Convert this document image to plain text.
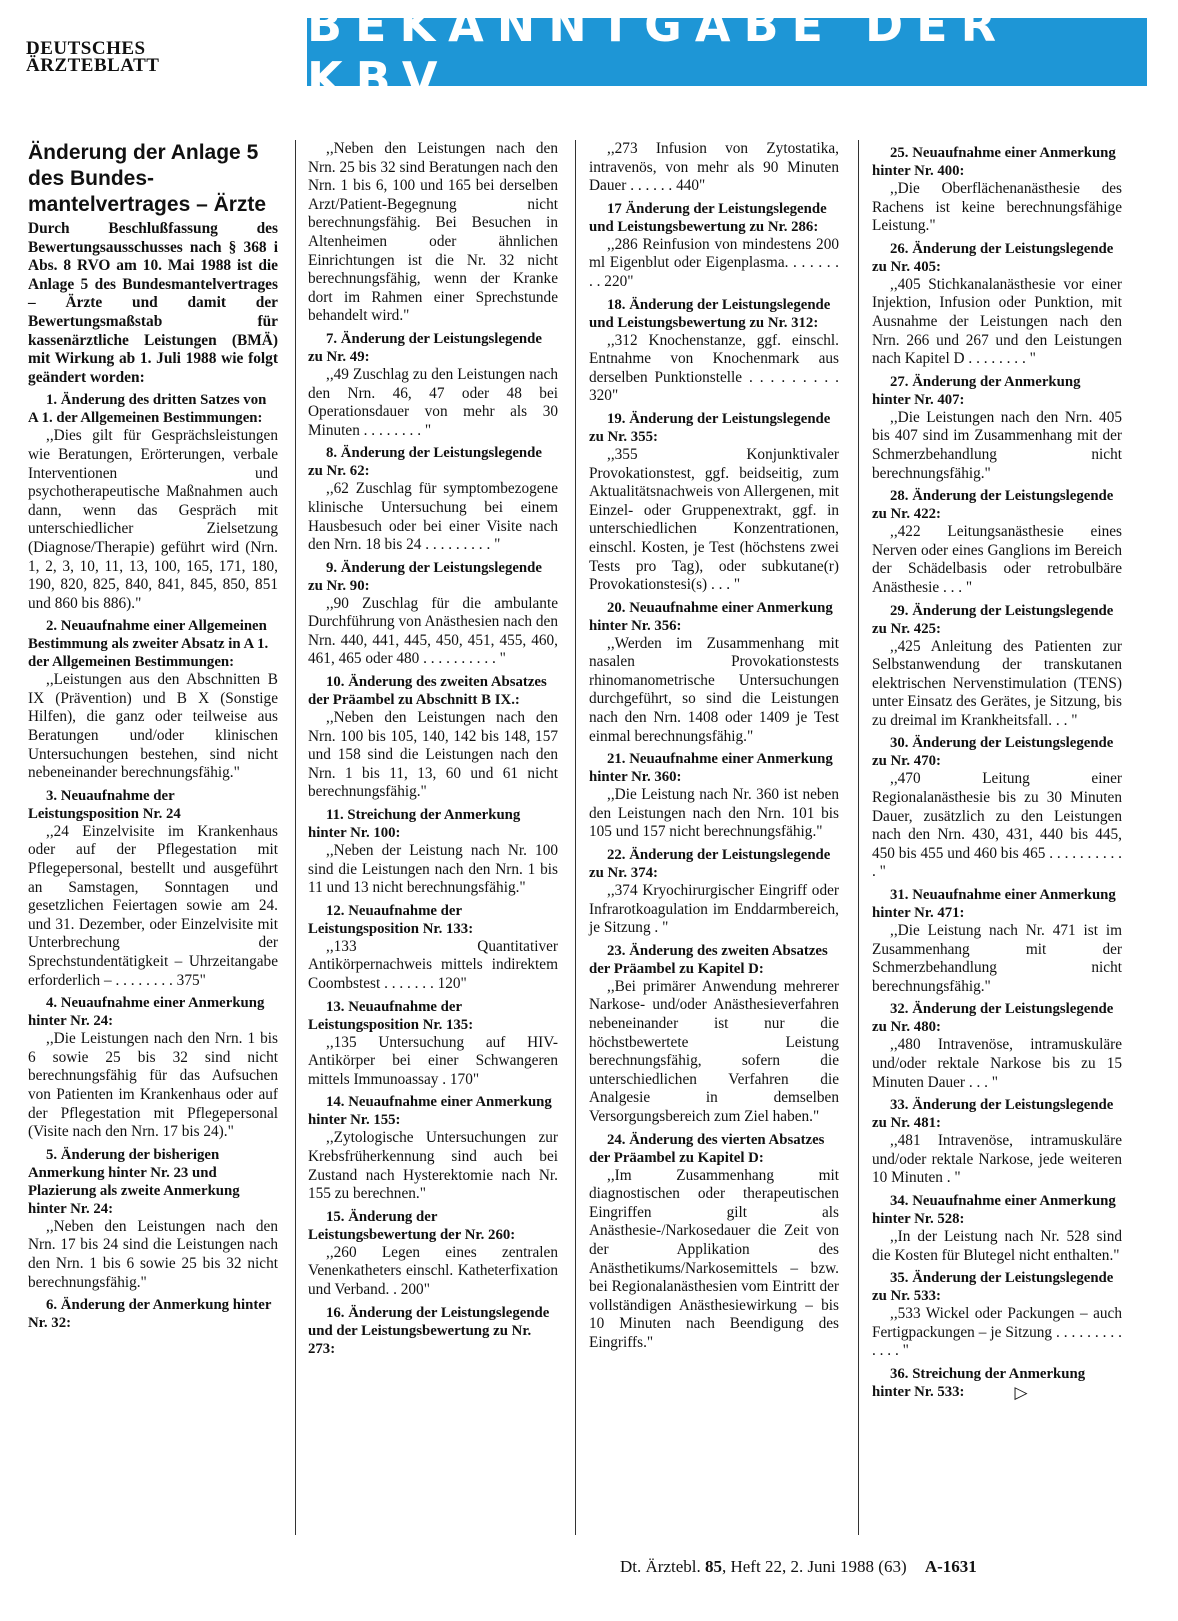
DEUTSCHES
ÄRZTEBLATT
BEKANNTGABE DER KBV
Änderung der Anlage 5 des Bundes-mantelvertrages – Ärzte

Durch Beschlußfassung des Bewertungsausschusses nach § 368 i Abs. 8 RVO am 10. Mai 1988 ist die Anlage 5 des Bundesmantelvertrages – Ärzte und damit der Bewertungsmaßstab für kassenärztliche Leistungen (BMÄ) mit Wirkung ab 1. Juli 1988 wie folgt geändert worden:

1. Änderung des dritten Satzes von A 1. der Allgemeinen Bestimmungen:
,,Dies gilt für Gesprächsleistungen wie Beratungen, Erörterungen, verbale Interventionen und psychotherapeutische Maßnahmen auch dann, wenn das Gespräch mit unterschiedlicher Zielsetzung (Diagnose/Therapie) geführt wird (Nrn. 1, 2, 3, 10, 11, 13, 100, 165, 171, 180, 190, 820, 825, 840, 841, 845, 850, 851 und 860 bis 886)."
2. Neuaufnahme einer Allgemeinen Bestimmung als zweiter Absatz in A 1. der Allgemeinen Bestimmungen:
,,Leistungen aus den Abschnitten B IX (Prävention) und B X (Sonstige Hilfen), die ganz oder teilweise aus Beratungen und/oder klinischen Untersuchungen bestehen, sind nicht nebeneinander berechnungsfähig."
3. Neuaufnahme der Leistungsposition Nr. 24
,,24 Einzelvisite im Krankenhaus oder auf der Pflegestation mit Pflegepersonal, bestellt und ausgeführt an Samstagen, Sonntagen und gesetzlichen Feiertagen sowie am 24. und 31. Dezember, oder Einzelvisite mit Unterbrechung der Sprechstundentätigkeit – Uhrzeitangabe erforderlich – . . . . . . . . 375"
4. Neuaufnahme einer Anmerkung hinter Nr. 24:
,,Die Leistungen nach den Nrn. 1 bis 6 sowie 25 bis 32 sind nicht berechnungsfähig für das Aufsuchen von Patienten im Krankenhaus oder auf der Pflegestation mit Pflegepersonal (Visite nach den Nrn. 17 bis 24)."
5. Änderung der bisherigen Anmerkung hinter Nr. 23 und Plazierung als zweite Anmerkung hinter Nr. 24:
,,Neben den Leistungen nach den Nrn. 17 bis 24 sind die Leistungen nach den Nrn. 1 bis 6 sowie 25 bis 32 nicht berechnungsfähig."
6. Änderung der Anmerkung hinter Nr. 32:
,,Neben den Leistungen nach den Nrn. 25 bis 32 sind Beratungen nach den Nrn. 1 bis 6, 100 und 165 bei derselben Arzt/Patient-Begegnung nicht berechnungsfähig. Bei Besuchen in Altenheimen oder ähnlichen Einrichtungen ist die Nr. 32 nicht berechnungsfähig, wenn der Kranke dort im Rahmen einer Sprechstunde behandelt wird."
7. Änderung der Leistungslegende zu Nr. 49:
,,49 Zuschlag zu den Leistungen nach den Nrn. 46, 47 oder 48 bei Operationsdauer von mehr als 30 Minuten . . . . . . . . "
8. Änderung der Leistungslegende zu Nr. 62:
,,62 Zuschlag für symptombezogene klinische Untersuchung bei einem Hausbesuch oder bei einer Visite nach den Nrn. 18 bis 24 . . . . . . . . . "
9. Änderung der Leistungslegende zu Nr. 90:
,,90 Zuschlag für die ambulante Durchführung von Anästhesien nach den Nrn. 440, 441, 445, 450, 451, 455, 460, 461, 465 oder 480 . . . . . . . . . . "
10. Änderung des zweiten Absatzes der Präambel zu Abschnitt B IX.:
,,Neben den Leistungen nach den Nrn. 100 bis 105, 140, 142 bis 148, 157 und 158 sind die Leistungen nach den Nrn. 1 bis 11, 13, 60 und 61 nicht berechnungsfähig."
11. Streichung der Anmerkung hinter Nr. 100:
,,Neben der Leistung nach Nr. 100 sind die Leistungen nach den Nrn. 1 bis 11 und 13 nicht berechnungsfähig."
12. Neuaufnahme der Leistungsposition Nr. 133:
,,133 Quantitativer Antikörpernachweis mittels indirektem Coombstest . . . . . . . 120"
13. Neuaufnahme der Leistungsposition Nr. 135:
,,135 Untersuchung auf HIV-Antikörper bei einer Schwangeren mittels Immunoassay . 170"
14. Neuaufnahme einer Anmerkung hinter Nr. 155:
,,Zytologische Untersuchungen zur Krebsfrüherkennung sind auch bei Zustand nach Hysterektomie nach Nr. 155 zu berechnen."
15. Änderung der Leistungsbewertung der Nr. 260:
,,260 Legen eines zentralen Venenkatheters einschl. Katheterfixation und Verband. . 200"
16. Änderung der Leistungslegende und der Leistungsbewertung zu Nr. 273:
,,273 Infusion von Zytostatika, intravenös, von mehr als 90 Minuten Dauer . . . . . . 440"
17 Änderung der Leistungslegende und Leistungsbewertung zu Nr. 286:
,,286 Reinfusion von mindestens 200 ml Eigenblut oder Eigenplasma. . . . . . . . . 220"
18. Änderung der Leistungslegende und Leistungsbewertung zu Nr. 312:
,,312 Knochenstanze, ggf. einschl. Entnahme von Knochenmark aus derselben Punktionstelle . . . . . . . . . 320"
19. Änderung der Leistungslegende zu Nr. 355:
,,355 Konjunktivaler Provokationstest, ggf. beidseitig, zum Aktualitätsnachweis von Allergenen, mit Einzel- oder Gruppenextrakt, ggf. in unterschiedlichen Konzentrationen, einschl. Kosten, je Test (höchstens zwei Tests pro Tag), oder subkutane(r) Provokationstesi(s) . . . "
20. Neuaufnahme einer Anmerkung hinter Nr. 356:
,,Werden im Zusammenhang mit nasalen Provokationstests rhinomanometrische Untersuchungen durchgeführt, so sind die Leistungen nach den Nrn. 1408 oder 1409 je Test einmal berechnungsfähig."
21. Neuaufnahme einer Anmerkung hinter Nr. 360:
,,Die Leistung nach Nr. 360 ist neben den Leistungen nach den Nrn. 101 bis 105 und 157 nicht berechnungsfähig."
22. Änderung der Leistungslegende zu Nr. 374:
,,374 Kryochirurgischer Eingriff oder Infrarotkoagulation im Enddarmbereich, je Sitzung . "
23. Änderung des zweiten Absatzes der Präambel zu Kapitel D:
,,Bei primärer Anwendung mehrerer Narkose- und/oder Anästhesieverfahren nebeneinander ist nur die höchstbewertete Leistung berechnungsfähig, sofern die unterschiedlichen Verfahren die Analgesie in demselben Versorgungsbereich zum Ziel haben."
24. Änderung des vierten Absatzes der Präambel zu Kapitel D:
,,Im Zusammenhang mit diagnostischen oder therapeutischen Eingriffen gilt als Anästhesie-/Narkosedauer die Zeit von der Applikation des Anästhetikums/Narkosemittels – bzw. bei Regionalanästhesien vom Eintritt der vollständigen Anästhesiewirkung – bis 10 Minuten nach Beendigung des Eingriffs."
25. Neuaufnahme einer Anmerkung hinter Nr. 400:
,,Die Oberflächenanästhesie des Rachens ist keine berechnungsfähige Leistung."
26. Änderung der Leistungslegende zu Nr. 405:
,,405 Stichkanalanästhesie vor einer Injektion, Infusion oder Punktion, mit Ausnahme der Leistungen nach den Nrn. 266 und 267 und den Leistungen nach Kapitel D . . . . . . . . "
27. Änderung der Anmerkung hinter Nr. 407:
,,Die Leistungen nach den Nrn. 405 bis 407 sind im Zusammenhang mit der Schmerzbehandlung nicht berechnungsfähig."
28. Änderung der Leistungslegende zu Nr. 422:
,,422 Leitungsanästhesie eines Nerven oder eines Ganglions im Bereich der Schädelbasis oder retrobulbäre Anästhesie . . . "
29. Änderung der Leistungslegende zu Nr. 425:
,,425 Anleitung des Patienten zur Selbstanwendung der transkutanen elektrischen Nervenstimulation (TENS) unter Einsatz des Gerätes, je Sitzung, bis zu dreimal im Krankheitsfall. . . "
30. Änderung der Leistungslegende zu Nr. 470:
,,470 Leitung einer Regionalanästhesie bis zu 30 Minuten Dauer, zusätzlich zu den Leistungen nach den Nrn. 430, 431, 440 bis 445, 450 bis 455 und 460 bis 465 . . . . . . . . . . . "
31. Neuaufnahme einer Anmerkung hinter Nr. 471:
,,Die Leistung nach Nr. 471 ist im Zusammenhang mit der Schmerzbehandlung nicht berechnungsfähig."
32. Änderung der Leistungslegende zu Nr. 480:
,,480 Intravenöse, intramuskuläre und/oder rektale Narkose bis zu 15 Minuten Dauer . . . "
33. Änderung der Leistungslegende zu Nr. 481:
,,481 Intravenöse, intramuskuläre und/oder rektale Narkose, jede weiteren 10 Minuten . "
34. Neuaufnahme einer Anmerkung hinter Nr. 528:
,,In der Leistung nach Nr. 528 sind die Kosten für Blutegel nicht enthalten."
35. Änderung der Leistungslegende zu Nr. 533:
,,533 Wickel oder Packungen – auch Fertigpackungen – je Sitzung . . . . . . . . . . . . . "
36. Streichung der Anmerkung hinter Nr. 533:	▷
Dt. Ärztebl. 85, Heft 22, 2. Juni 1988 (63) A-1631
